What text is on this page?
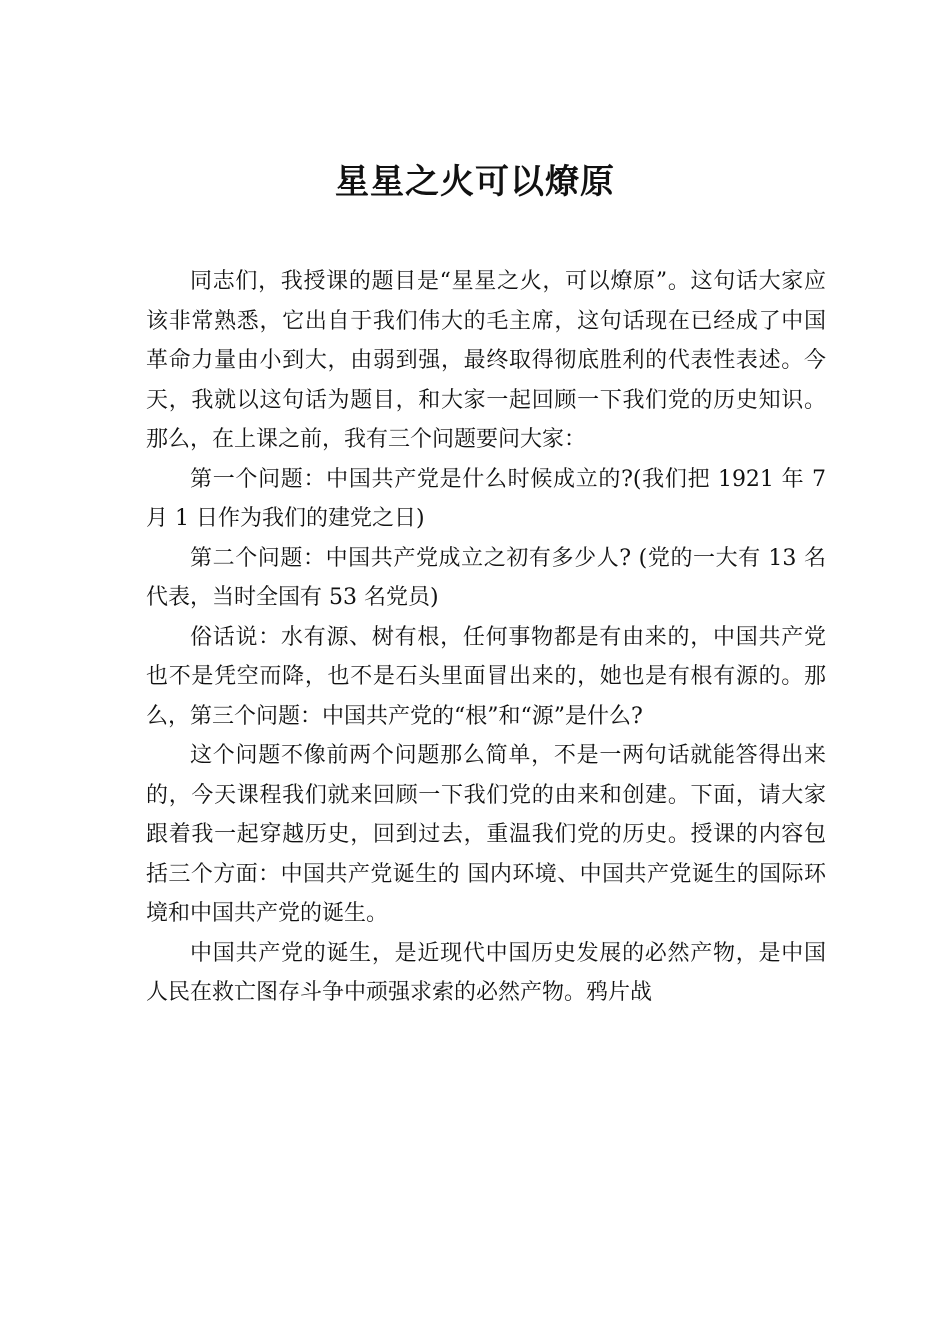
星星之火可以燎原

同志们，我授课的题目是“星星之火，可以燎原”。这句话大家应该非常熟悉，它出自于我们伟大的毛主席，这句话现在已经成了中国革命力量由小到大，由弱到强，最终取得彻底胜利的代表性表述。今天，我就以这句话为题目，和大家一起回顾一下我们党的历史知识。那么，在上课之前，我有三个问题要问大家：

第一个问题：中国共产党是什么时候成立的?(我们把 1921 年 7 月 1 日作为我们的建党之日)

第二个问题：中国共产党成立之初有多少人? (党的一大有 13 名代表，当时全国有 53 名党员)

俗话说：水有源、树有根，任何事物都是有由来的，中国共产党也不是凭空而降，也不是石头里面冒出来的，她也是有根有源的。那么，第三个问题：中国共产党的“根”和“源”是什么?

这个问题不像前两个问题那么简单，不是一两句话就能答得出来的，今天课程我们就来回顾一下我们党的由来和创建。下面，请大家跟着我一起穿越历史，回到过去，重温我们党的历史。授课的内容包括三个方面：中国共产党诞生的 国内环境、中国共产党诞生的国际环境和中国共产党的诞生。

中国共产党的诞生，是近现代中国历史发展的必然产物，是中国人民在救亡图存斗争中顽强求索的必然产物。鸦片战
